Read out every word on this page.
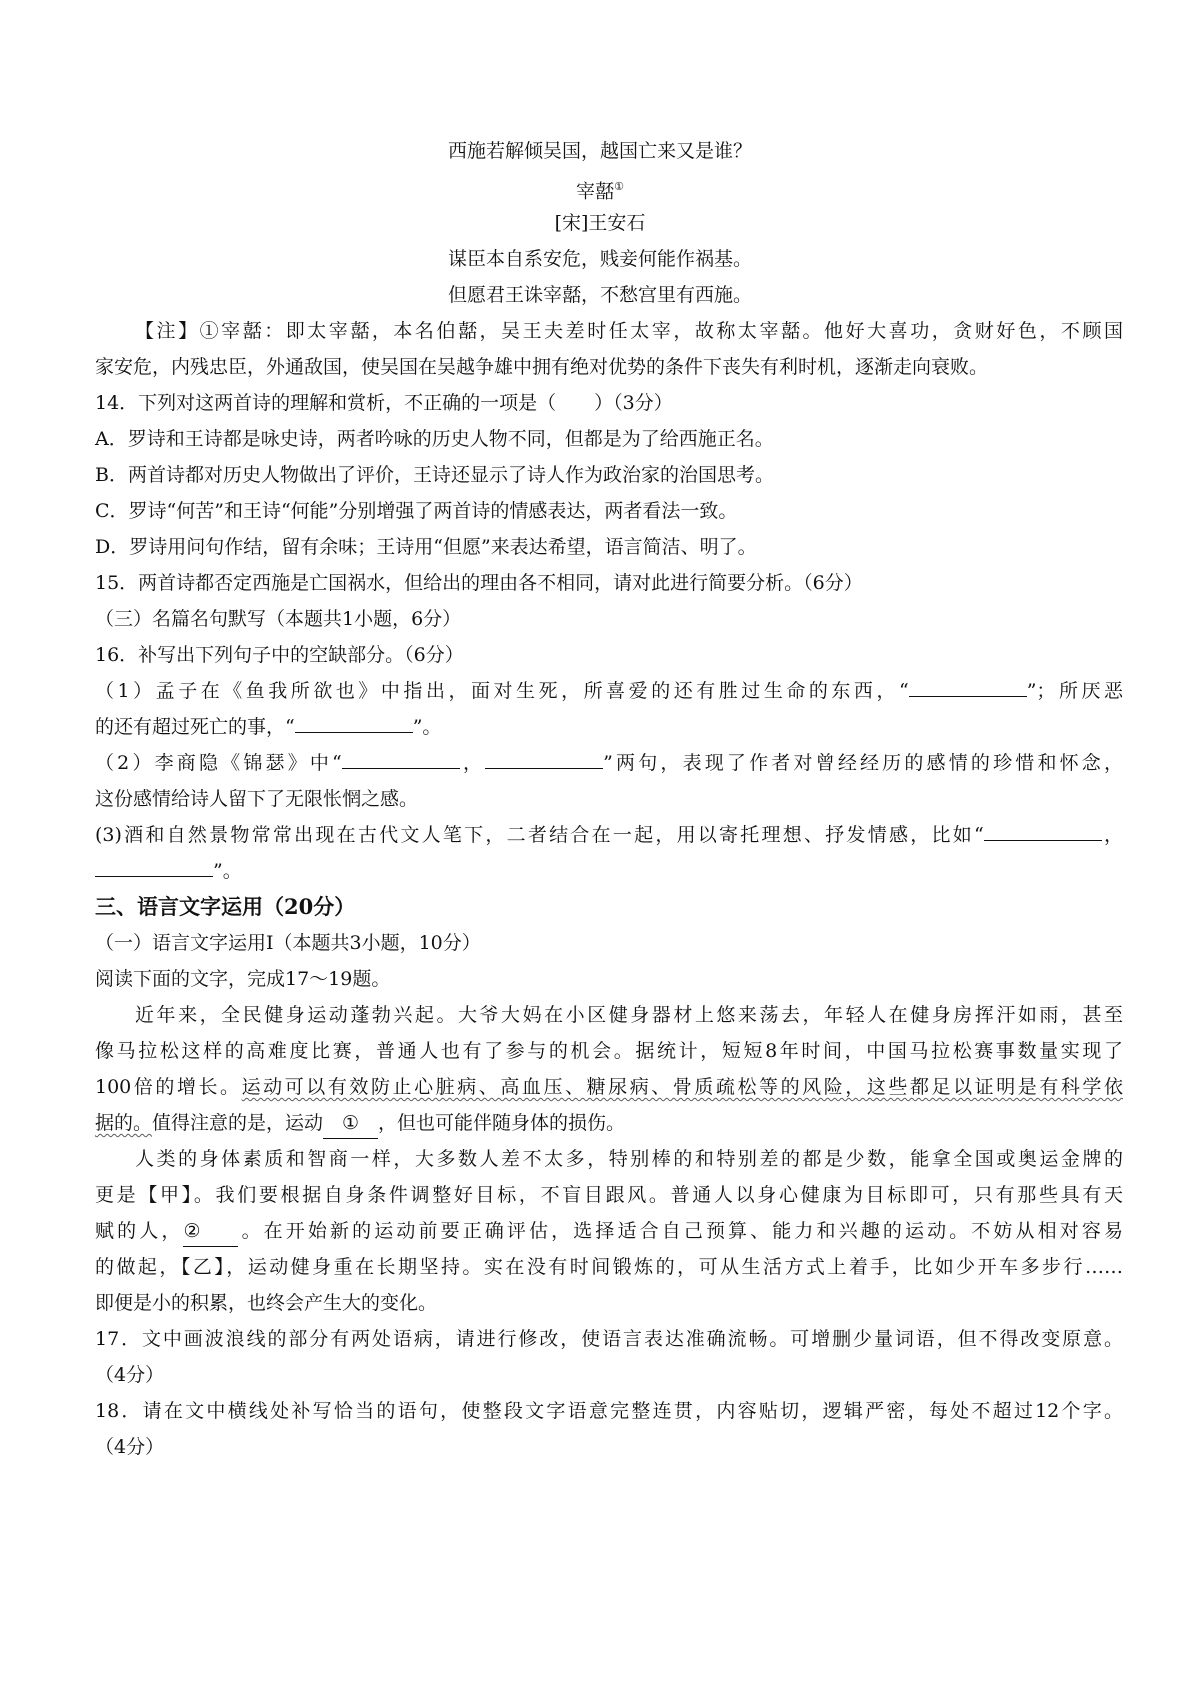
西施若解倾吴国，越国亡来又是谁？
宰嚭①
[宋]王安石
谋臣本自系安危，贱妾何能作祸基。
但愿君王诛宰嚭，不愁宫里有西施。
【注】①宰嚭：即太宰嚭，本名伯嚭，吴王夫差时任太宰，故称太宰嚭。他好大喜功，贪财好色，不顾国
家安危，内残忠臣，外通敌国，使吴国在吴越争雄中拥有绝对优势的条件下丧失有利时机，逐渐走向衰败。
14．下列对这两首诗的理解和赏析，不正确的一项是（　　）（3分）
A．罗诗和王诗都是咏史诗，两者吟咏的历史人物不同，但都是为了给西施正名。
B．两首诗都对历史人物做出了评价，王诗还显示了诗人作为政治家的治国思考。
C．罗诗“何苦”和王诗“何能”分别增强了两首诗的情感表达，两者看法一致。
D．罗诗用问句作结，留有余味；王诗用“但愿”来表达希望，语言简洁、明了。
15．两首诗都否定西施是亡国祸水，但给出的理由各不相同，请对此进行简要分析。（6分）
（三）名篇名句默写（本题共1小题，6分）
16．补写出下列句子中的空缺部分。（6分）
（1）孟子在《鱼我所欲也》中指出，面对生死，所喜爱的还有胜过生命的东西，“	”；所厌恶
的还有超过死亡的事，“	”。
（2）李商隐《锦瑟》中“	，	”两句，表现了作者对曾经经历的感情的珍惜和怀念，
这份感情给诗人留下了无限怅惘之感。
(3)酒和自然景物常常出现在古代文人笔下，二者结合在一起，用以寄托理想、抒发情感，比如“	，
”。
三、语言文字运用（20分）
（一）语言文字运用Ⅰ（本题共3小题，10分）
阅读下面的文字，完成17～19题。
近年来，全民健身运动蓬勃兴起。大爷大妈在小区健身器材上悠来荡去，年轻人在健身房挥汗如雨，甚至
像马拉松这样的高难度比赛，普通人也有了参与的机会。据统计，短短8年时间，中国马拉松赛事数量实现了
100倍的增长。运动可以有效防止心脏病、高血压、糖尿病、骨质疏松等的风险，这些都足以证明是有科学依
据的。值得注意的是，运动 ① ，但也可能伴随身体的损伤。
人类的身体素质和智商一样，大多数人差不太多，特别棒的和特别差的都是少数，能拿全国或奥运金牌的
更是【甲】。我们要根据自身条件调整好目标，不盲目跟风。普通人以身心健康为目标即可，只有那些具有天
赋的人，② 。在开始新的运动前要正确评估，选择适合自己预算、能力和兴趣的运动。不妨从相对容易
的做起，【乙】，运动健身重在长期坚持。实在没有时间锻炼的，可从生活方式上着手，比如少开车多步行……
即便是小的积累，也终会产生大的变化。
17．文中画波浪线的部分有两处语病，请进行修改，使语言表达准确流畅。可增删少量词语，但不得改变原意。
（4分）
18．请在文中横线处补写恰当的语句，使整段文字语意完整连贯，内容贴切，逻辑严密，每处不超过12个字。
（4分）
